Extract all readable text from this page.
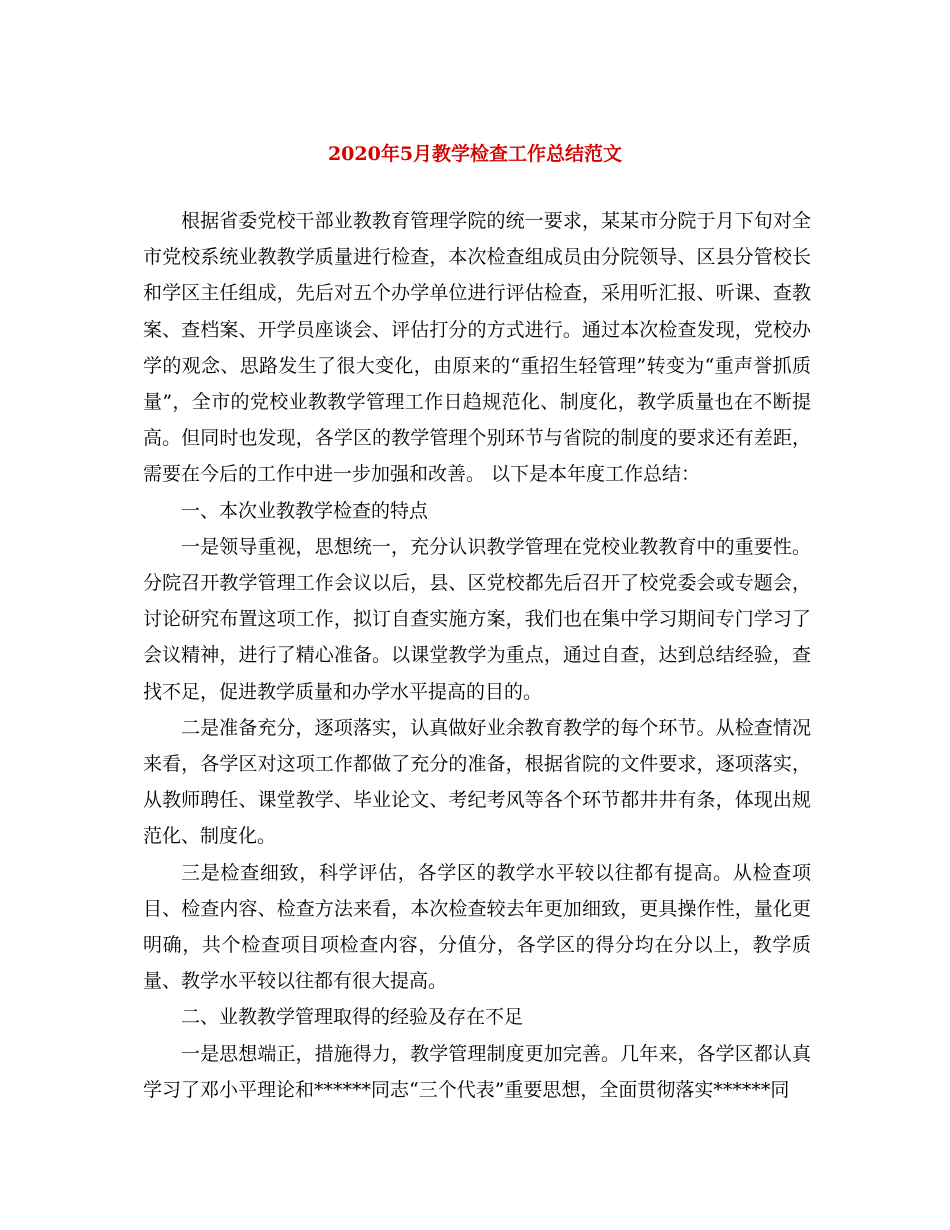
2020年5月教学检查工作总结范文

根据省委党校干部业教教育管理学院的统一要求，某某市分院于月下旬对全市党校系统业教教学质量进行检查，本次检查组成员由分院领导、区县分管校长和学区主任组成，先后对五个办学单位进行评估检查，采用听汇报、听课、查教案、查档案、开学员座谈会、评估打分的方式进行。通过本次检查发现，党校办学的观念、思路发生了很大变化，由原来的“重招生轻管理”转变为“重声誉抓质量”，全市的党校业教教学管理工作日趋规范化、制度化，教学质量也在不断提高。但同时也发现，各学区的教学管理个别环节与省院的制度的要求还有差距，需要在今后的工作中进一步加强和改善。 以下是本年度工作总结：

一、本次业教教学检查的特点

一是领导重视，思想统一，充分认识教学管理在党校业教教育中的重要性。分院召开教学管理工作会议以后，县、区党校都先后召开了校党委会或专题会，讨论研究布置这项工作，拟订自查实施方案，我们也在集中学习期间专门学习了会议精神，进行了精心准备。以课堂教学为重点，通过自查，达到总结经验，查找不足，促进教学质量和办学水平提高的目的。

二是准备充分，逐项落实，认真做好业余教育教学的每个环节。从检查情况来看，各学区对这项工作都做了充分的准备，根据省院的文件要求，逐项落实，从教师聘任、课堂教学、毕业论文、考纪考风等各个环节都井井有条，体现出规范化、制度化。

三是检查细致，科学评估，各学区的教学水平较以往都有提高。从检查项目、检查内容、检查方法来看，本次检查较去年更加细致，更具操作性，量化更明确，共个检查项目项检查内容，分值分，各学区的得分均在分以上，教学质量、教学水平较以往都有很大提高。

二、业教教学管理取得的经验及存在不足

一是思想端正，措施得力，教学管理制度更加完善。几年来，各学区都认真学习了邓小平理论和******同志“三个代表”重要思想，全面贯彻落实******同
